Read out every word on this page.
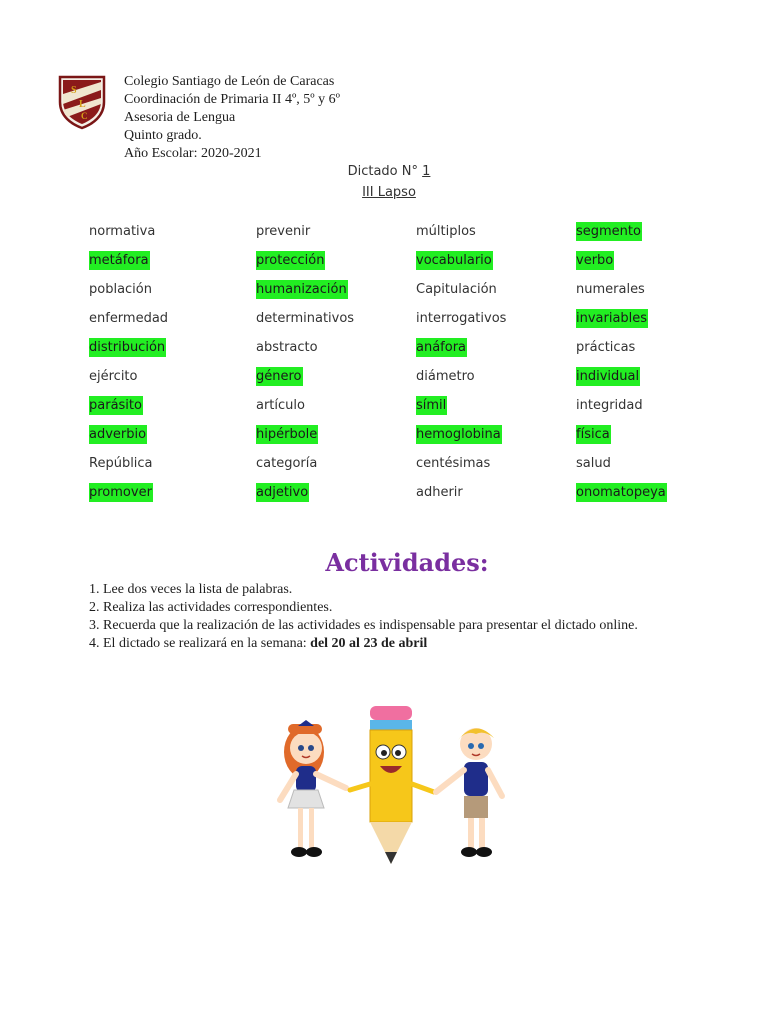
S
L
C
Colegio Santiago de León de Caracas
Coordinación de Primaria II 4º, 5º y 6º
Asesoria de Lengua
Quinto grado.
Año Escolar: 2020-2021
Dictado N° 1
III Lapso
normativa	prevenir	múltiplos	segmento
metáfora	protección	vocabulario	verbo
población	humanización	Capitulación	numerales
enfermedad	determinativos	interrogativos	invariables
distribución	abstracto	anáfora	prácticas
ejército	género	diámetro	individual
parásito	artículo	símil	integridad
adverbio	hipérbole	hemoglobina	física
República	categoría	centésimas	salud
promover	adjetivo	adherir	onomatopeya
Actividades:
1. Lee dos veces la lista de palabras.
2. Realiza las actividades correspondientes.
3. Recuerda que la realización de las actividades es indispensable para presentar el dictado online.
4. El dictado se realizará en la semana: del 20 al 23 de abril
